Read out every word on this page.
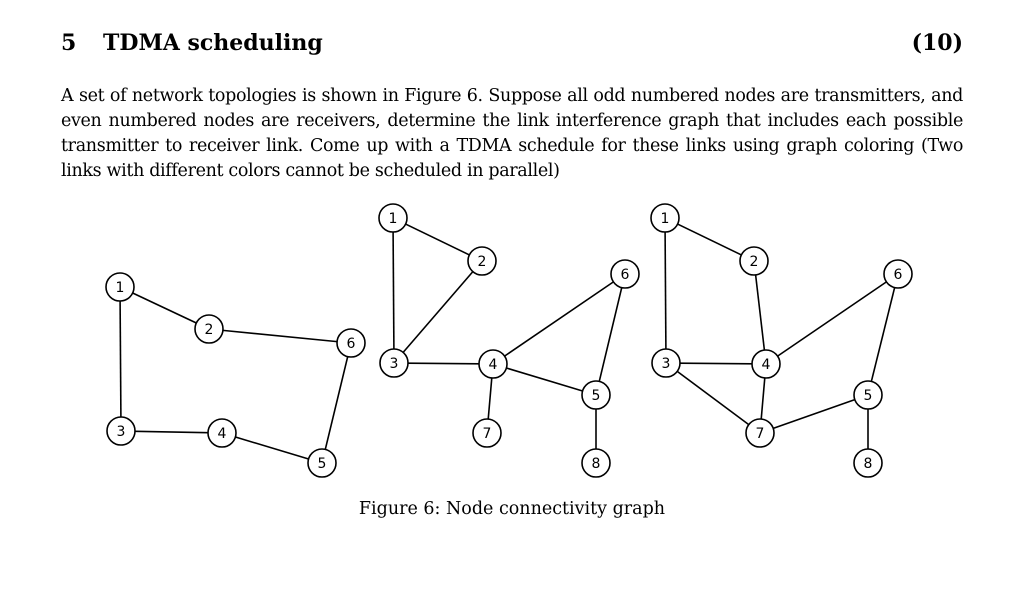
5 TDMA scheduling	(10)
A set of network topologies is shown in Figure 6. Suppose all odd numbered nodes are transmitters, and even numbered nodes are receivers, determine the link interference graph that includes each possible transmitter to receiver link. Come up with a TDMA schedule for these links using graph coloring (Two links with different colors cannot be scheduled in parallel)
1
2
3	4
5
6
1
2
3	4
5
6
7
8
1
2
3	4
5
6
7
8
Figure 6: Node connectivity graph
